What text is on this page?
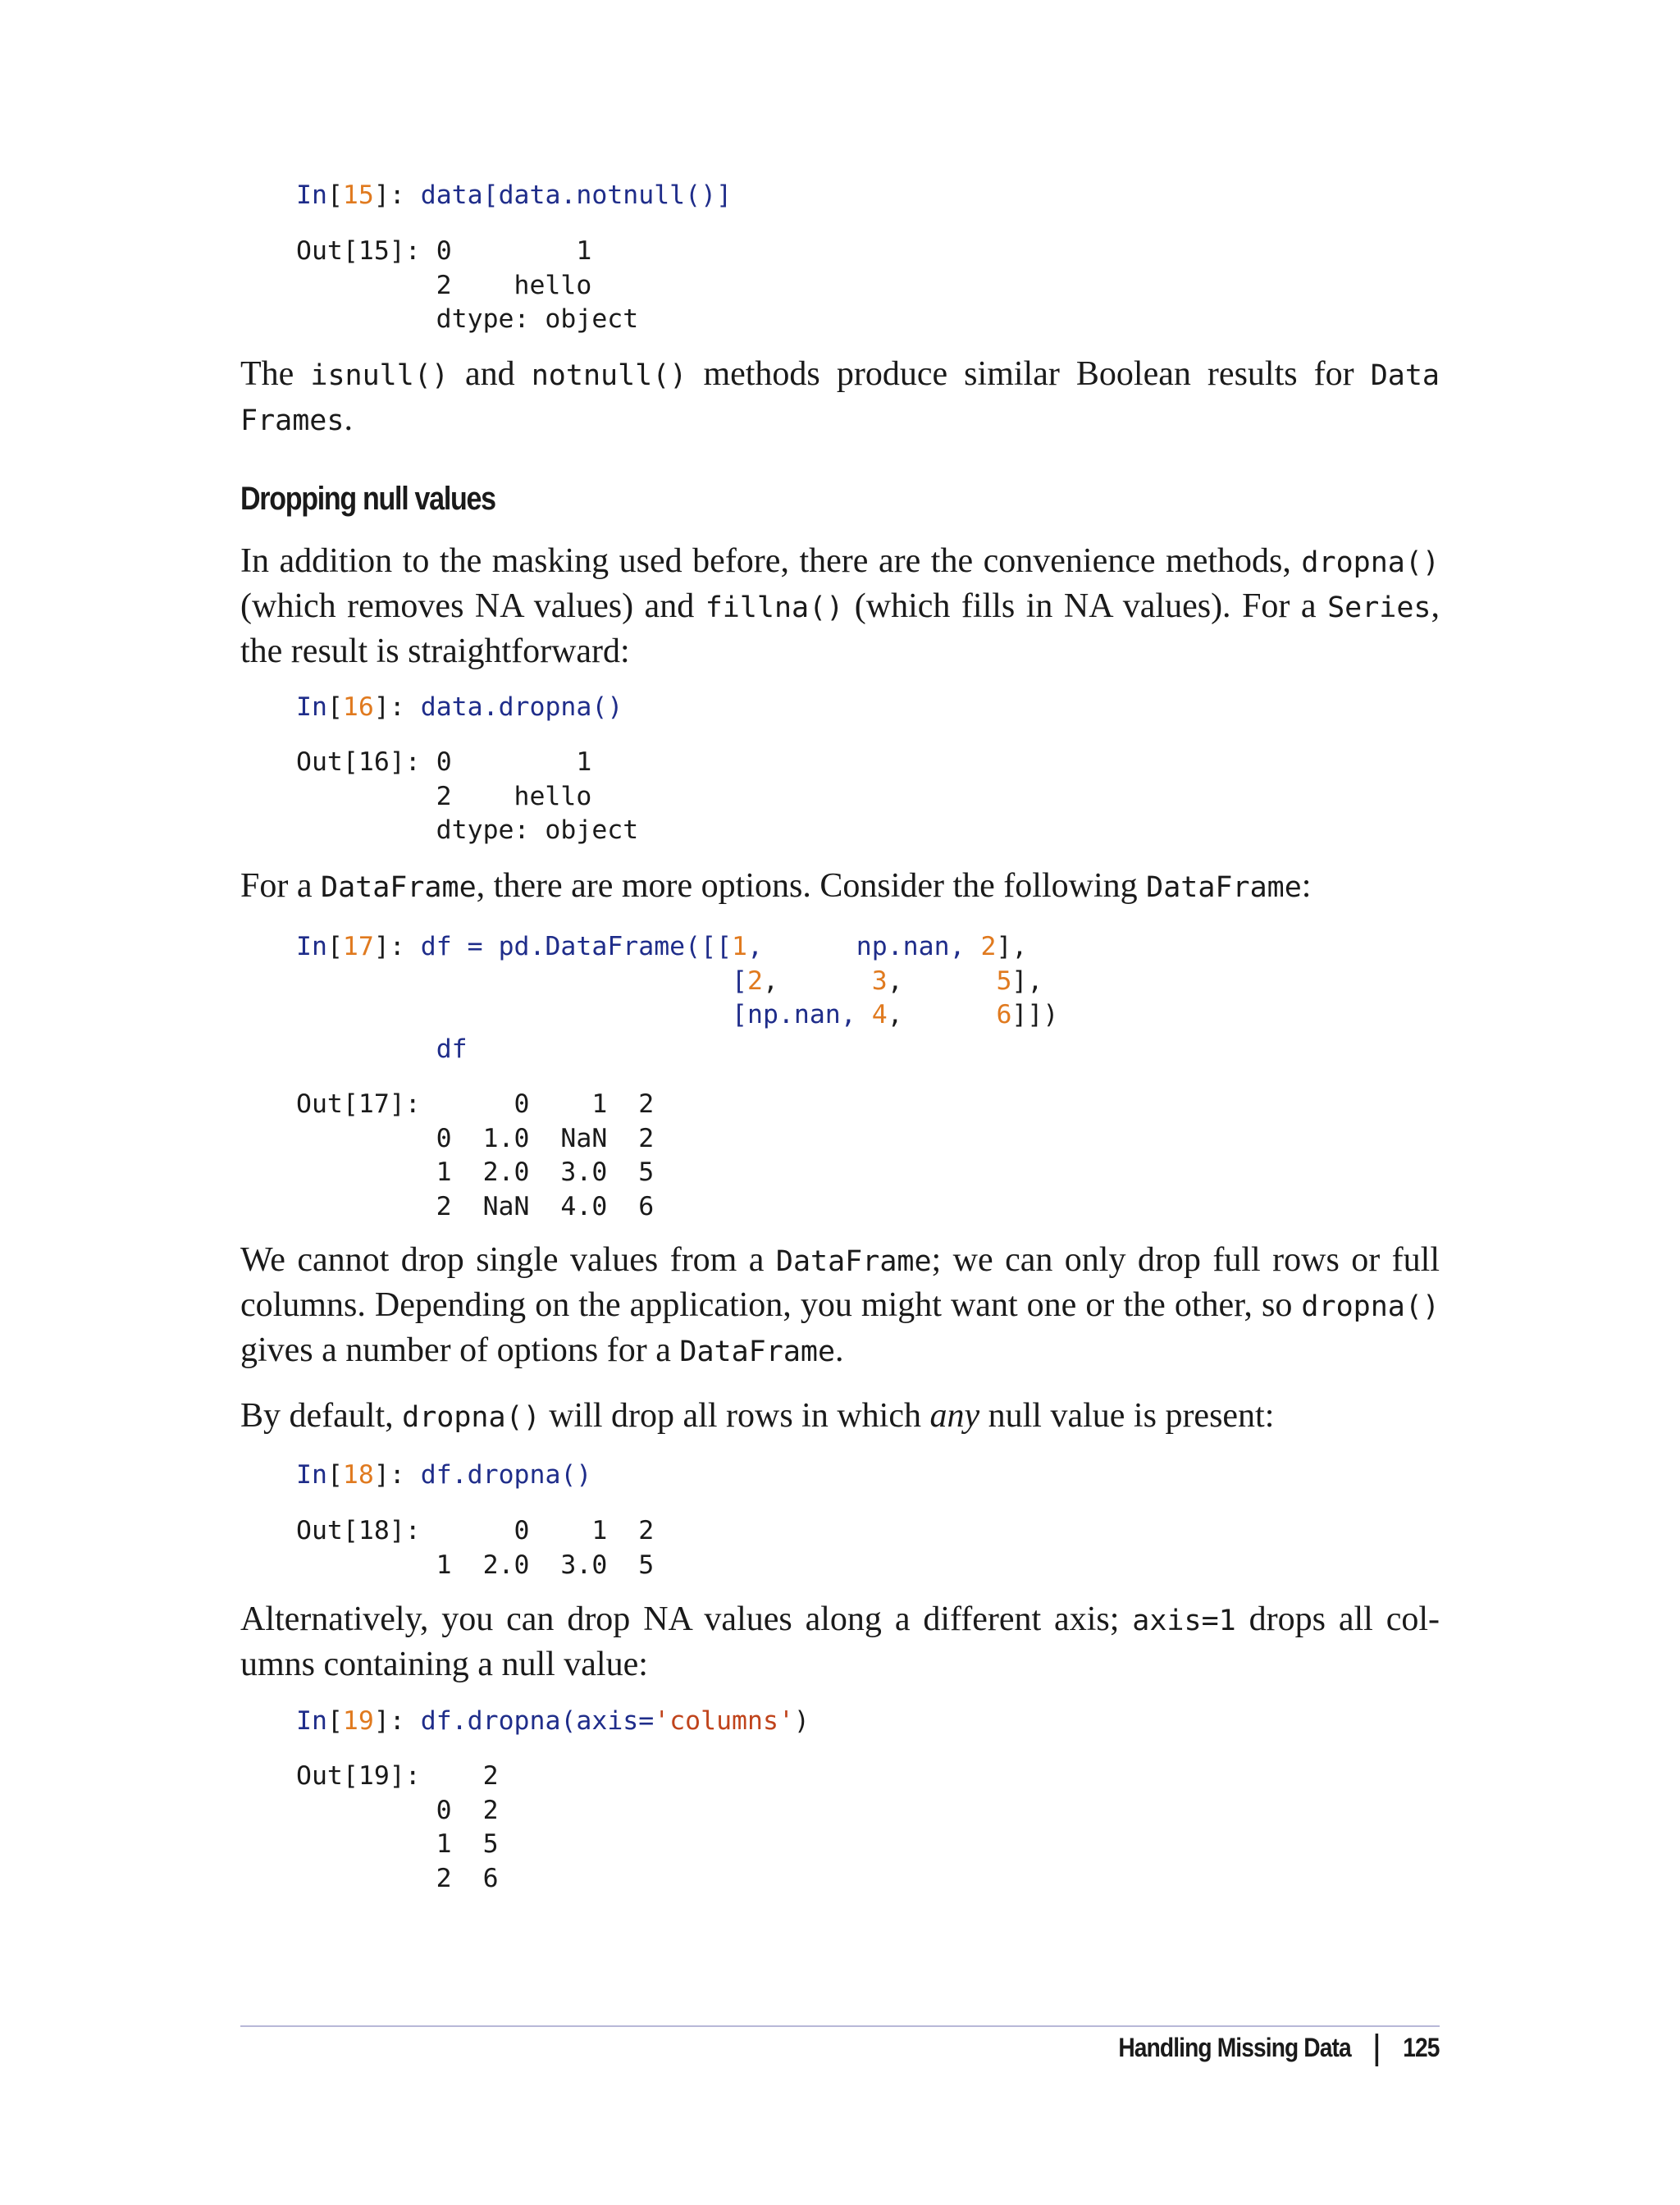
In[15]: data[data.notnull()]
Out[15]: 0        1
2    hello
dtype: object

The isnull() and notnull() methods produce similar Boolean results for Data Frames.

Dropping null values

In addition to the masking used before, there are the convenience methods, dropna() (which removes NA values) and fillna() (which fills in NA values). For a Series, the result is straightforward:

In[16]: data.dropna()
Out[16]: 0        1
2    hello
dtype: object

For a DataFrame, there are more options. Consider the following DataFrame:

In[17]: df = pd.DataFrame([[1,      np.nan, 2],
[2,      3,      5],
[np.nan, 4,      6]])
df
Out[17]:      0    1  2
0  1.0  NaN  2
1  2.0  3.0  5
2  NaN  4.0  6

We cannot drop single values from a DataFrame; we can only drop full rows or full columns. Depending on the application, you might want one or the other, so dropna() gives a number of options for a DataFrame.

By default, dropna() will drop all rows in which any null value is present:

In[18]: df.dropna()
Out[18]:      0    1  2
1  2.0  3.0  5

Alternatively, you can drop NA values along a different axis; axis=1 drops all col-umns containing a null value:

In[19]: df.dropna(axis='columns')
Out[19]:    2
0  2
1  5
2  6
Handling Missing Data 125
